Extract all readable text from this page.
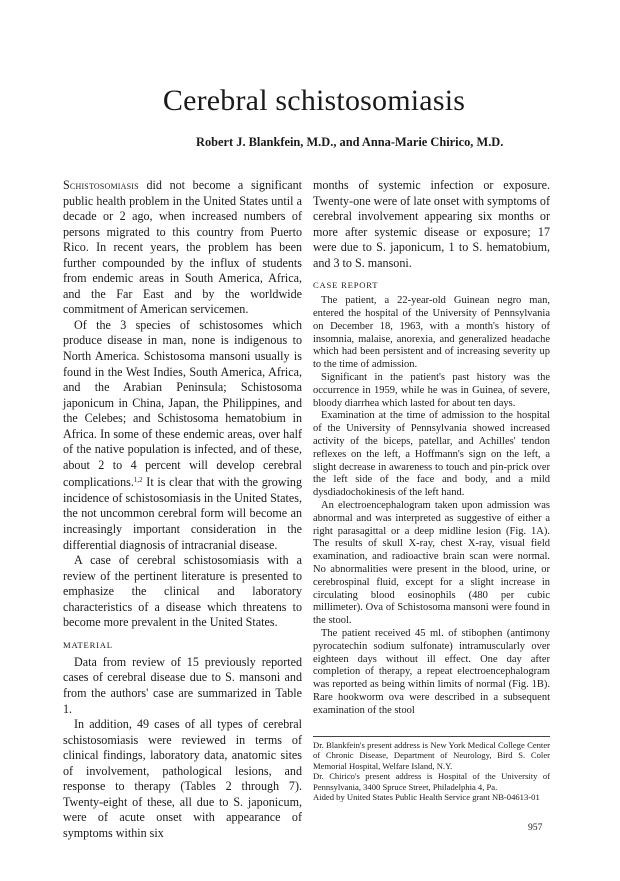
Cerebral schistosomiasis
Robert J. Blankfein, M.D., and Anna-Marie Chirico, M.D.

Schistosomiasis did not become a significant public health problem in the United States until a decade or 2 ago, when increased numbers of persons migrated to this country from Puerto Rico. In recent years, the problem has been further compounded by the influx of students from endemic areas in South America, Africa, and the Far East and by the worldwide commitment of American servicemen.

Of the 3 species of schistosomes which produce disease in man, none is indigenous to North America. Schistosoma mansoni usually is found in the West Indies, South America, Africa, and the Arabian Peninsula; Schistosoma japonicum in China, Japan, the Philippines, and the Celebes; and Schistosoma hematobium in Africa. In some of these endemic areas, over half of the native population is infected, and of these, about 2 to 4 percent will develop cerebral complications.$^{1,2}$ It is clear that with the growing incidence of schistosomiasis in the United States, the not uncommon cerebral form will become an increasingly important consideration in the differential diagnosis of intracranial disease.

A case of cerebral schistosomiasis with a review of the pertinent literature is presented to emphasize the clinical and laboratory characteristics of a disease which threatens to become more prevalent in the United States.

MATERIAL

Data from review of 15 previously reported cases of cerebral disease due to S. mansoni and from the authors' case are summarized in Table 1.

In addition, 49 cases of all types of cerebral schistosomiasis were reviewed in terms of clinical findings, laboratory data, anatomic sites of involvement, pathological lesions, and response to therapy (Tables 2 through 7). Twenty-eight of these, all due to S. japonicum, were of acute onset with appearance of symptoms within six

months of systemic infection or exposure. Twenty-one were of late onset with symptoms of cerebral involvement appearing six months or more after systemic disease or exposure; 17 were due to S. japonicum, 1 to S. hematobium, and 3 to S. mansoni.

CASE REPORT

The patient, a 22-year-old Guinean negro man, entered the hospital of the University of Pennsylvania on December 18, 1963, with a month's history of insomnia, malaise, anorexia, and generalized headache which had been persistent and of increasing severity up to the time of admission.

Significant in the patient's past history was the occurrence in 1959, while he was in Guinea, of severe, bloody diarrhea which lasted for about ten days.

Examination at the time of admission to the hospital of the University of Pennsylvania showed increased activity of the biceps, patellar, and Achilles' tendon reflexes on the left, a Hoffmann's sign on the left, a slight decrease in awareness to touch and pin-prick over the left side of the face and body, and a mild dysdiadochokinesis of the left hand.

An electroencephalogram taken upon admission was abnormal and was interpreted as suggestive of either a right parasagittal or a deep midline lesion (Fig. 1A). The results of skull X-ray, chest X-ray, visual field examination, and radioactive brain scan were normal. No abnormalities were present in the blood, urine, or cerebrospinal fluid, except for a slight increase in circulating blood eosinophils (480 per cubic millimeter). Ova of Schistosoma mansoni were found in the stool.

The patient received 45 ml. of stibophen (antimony pyrocatechin sodium sulfonate) intramuscularly over eighteen days without ill effect. One day after completion of therapy, a repeat electroencephalogram was reported as being within limits of normal (Fig. 1B). Rare hookworm ova were described in a subsequent examination of the stool

Dr. Blankfein's present address is New York Medical College Center of Chronic Disease, Department of Neurology, Bird S. Coler Memorial Hospital, Welfare Island, N.Y.

Dr. Chirico's present address is Hospital of the University of Pennsylvania, 3400 Spruce Street, Philadelphia 4, Pa.

Aided by United States Public Health Service grant NB-04613-01

957
